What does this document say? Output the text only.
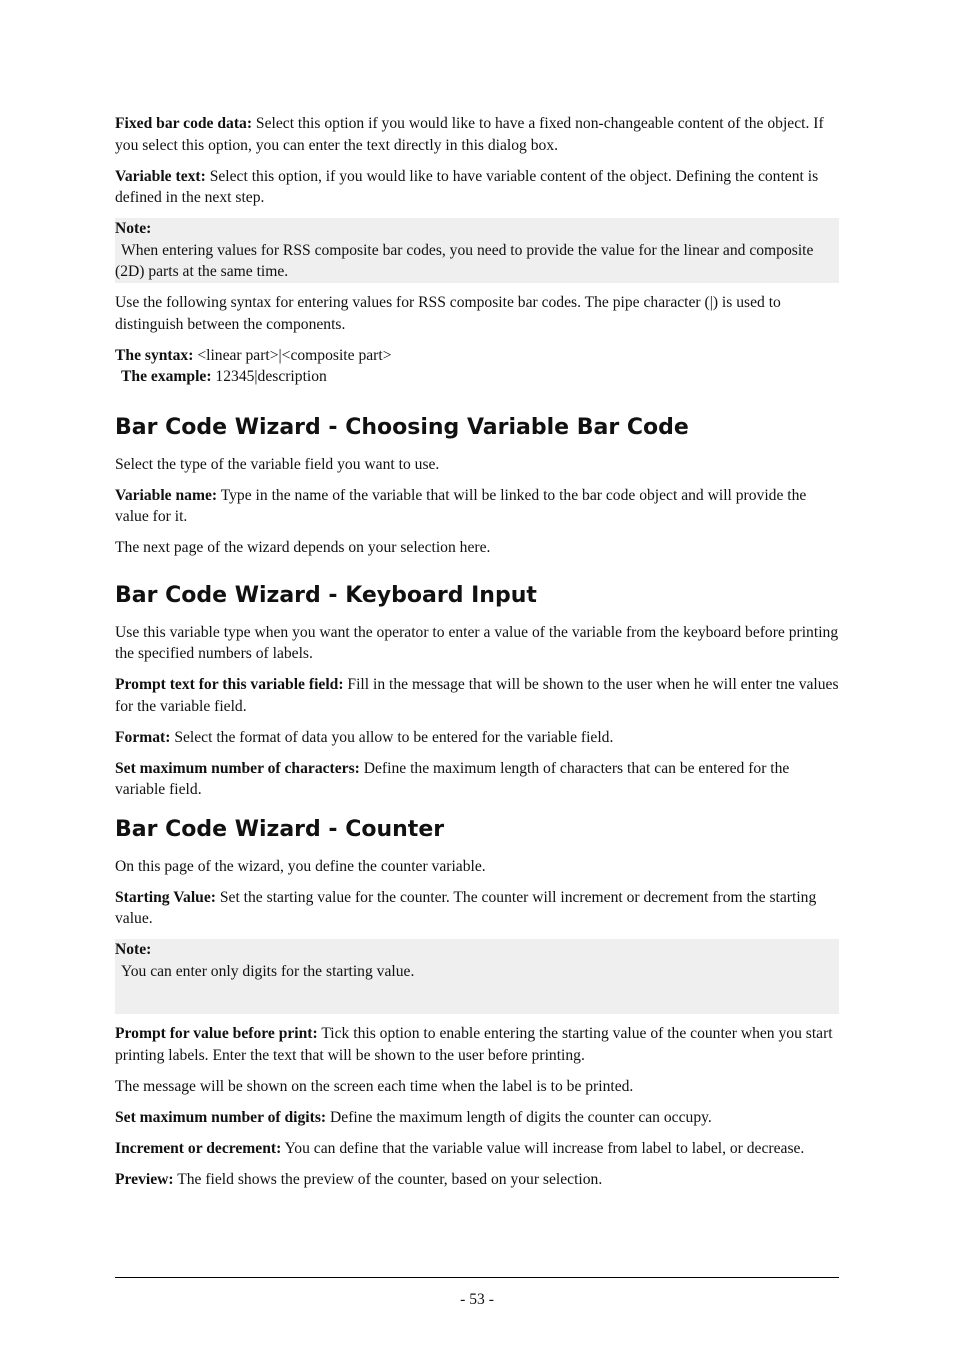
Fixed bar code data: Select this option if you would like to have a fixed non-changeable content of the object. If you select this option, you can enter the text directly in this dialog box.

Variable text: Select this option, if you would like to have variable content of the object. Defining the content is defined in the next step.

Note:
When entering values for RSS composite bar codes, you need to provide the value for the linear and composite (2D) parts at the same time.

Use the following syntax for entering values for RSS composite bar codes. The pipe character (|) is used to distinguish between the components.

The syntax: <linear part>|<composite part>
The example: 12345|description

Bar Code Wizard - Choosing Variable Bar Code

Select the type of the variable field you want to use.

Variable name: Type in the name of the variable that will be linked to the bar code object and will provide the value for it.

The next page of the wizard depends on your selection here.

Bar Code Wizard - Keyboard Input

Use this variable type when you want the operator to enter a value of the variable from the keyboard before printing the specified numbers of labels.

Prompt text for this variable field: Fill in the message that will be shown to the user when he will enter tne values for the variable field.

Format: Select the format of data you allow to be entered for the variable field.

Set maximum number of characters: Define the maximum length of characters that can be entered for the variable field.

Bar Code Wizard - Counter

On this page of the wizard, you define the counter variable.

Starting Value: Set the starting value for the counter. The counter will increment or decrement from the starting value.

Note:
You can enter only digits for the starting value.

Prompt for value before print: Tick this option to enable entering the starting value of the counter when you start printing labels. Enter the text that will be shown to the user before printing.

The message will be shown on the screen each time when the label is to be printed.

Set maximum number of digits: Define the maximum length of digits the counter can occupy.

Increment or decrement: You can define that the variable value will increase from label to label, or decrease.

Preview: The field shows the preview of the counter, based on your selection.

- 53 -
